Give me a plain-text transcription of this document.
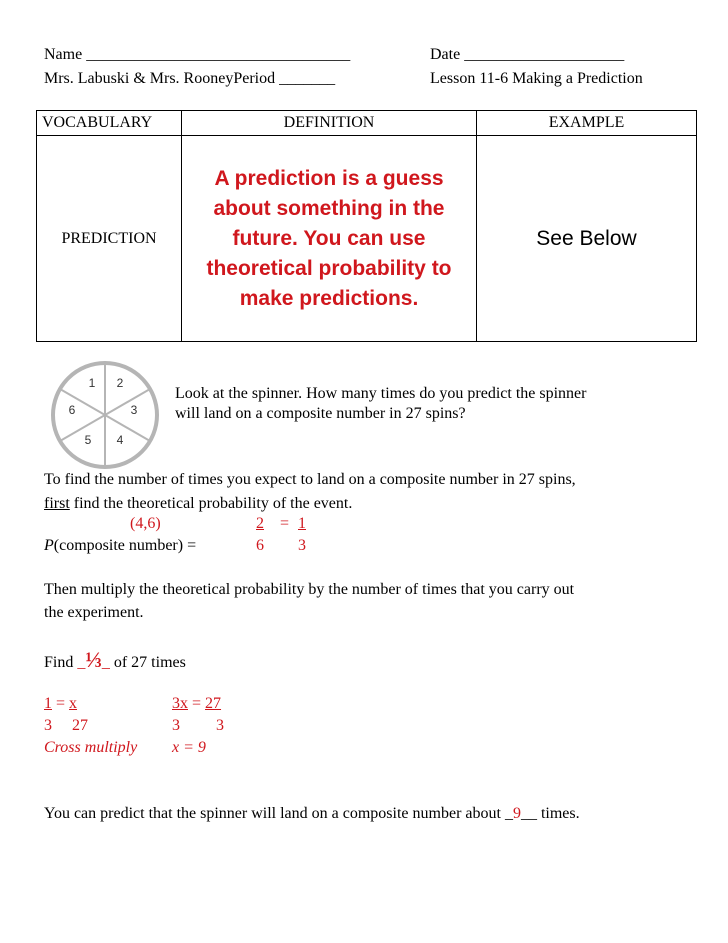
Name _________________________________	Date ____________________
Mrs. Labuski & Mrs. RooneyPeriod _______	Lesson 11-6 Making a Prediction
VOCABULARY	DEFINITION	EXAMPLE
PREDICTION	A prediction is a guess
about something in the
future. You can use
theoretical probability to
make predictions.	See Below
1 2
3
4
5
6
Look at the spinner. How many times do you predict the spinner
will land on a composite number in 27 spins?
To find the number of times you expect to land on a composite number in 27 spins,
first find the theoretical probability of the event.
(4,6)	2 = 1
P(composite number) =	6 3
Then multiply the theoretical probability by the number of times that you carry out
the experiment.
Find _⅓_ of 27 times
1 = x
3 27
3x = 27
3 3
Cross multiply x = 9
You can predict that the spinner will land on a composite number about _9__ times.
